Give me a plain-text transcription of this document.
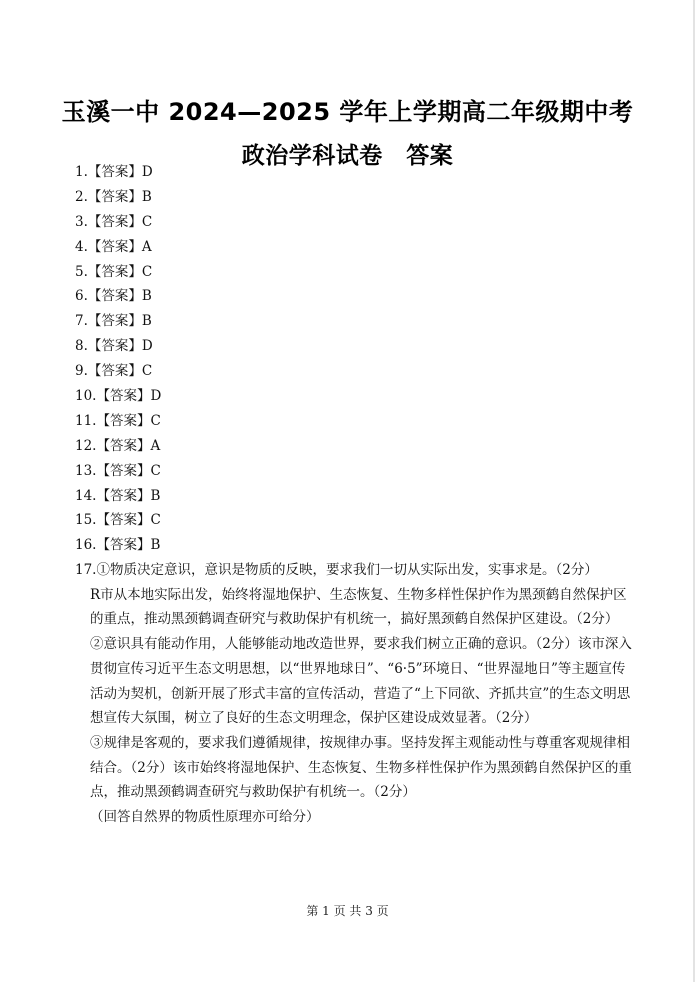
玉溪一中 2024—2025 学年上学期高二年级期中考
政治学科试卷　答案
1.【答案】D
2.【答案】B
3.【答案】C
4.【答案】A
5.【答案】C
6.【答案】B
7.【答案】B
8.【答案】D
9.【答案】C
10.【答案】D
11.【答案】C
12.【答案】A
13.【答案】C
14.【答案】B
15.【答案】C
16.【答案】B

17.①物质决定意识，意识是物质的反映，要求我们一切从实际出发，实事求是。（2分）

R市从本地实际出发，始终将湿地保护、生态恢复、生物多样性保护作为黑颈鹤自然保护区的重点，推动黑颈鹤调查研究与救助保护有机统一，搞好黑颈鹤自然保护区建设。（2分）

②意识具有能动作用，人能够能动地改造世界，要求我们树立正确的意识。（2分）该市深入贯彻宣传习近平生态文明思想，以“世界地球日”、“6·5”环境日、“世界湿地日”等主题宣传活动为契机，创新开展了形式丰富的宣传活动，营造了“上下同欲、齐抓共宣”的生态文明思想宣传大氛围，树立了良好的生态文明理念，保护区建设成效显著。（2分）

③规律是客观的，要求我们遵循规律，按规律办事。坚持发挥主观能动性与尊重客观规律相结合。（2分）该市始终将湿地保护、生态恢复、生物多样性保护作为黑颈鹤自然保护区的重点，推动黑颈鹤调查研究与救助保护有机统一。（2分）

（回答自然界的物质性原理亦可给分）

第 1 页 共 3 页
